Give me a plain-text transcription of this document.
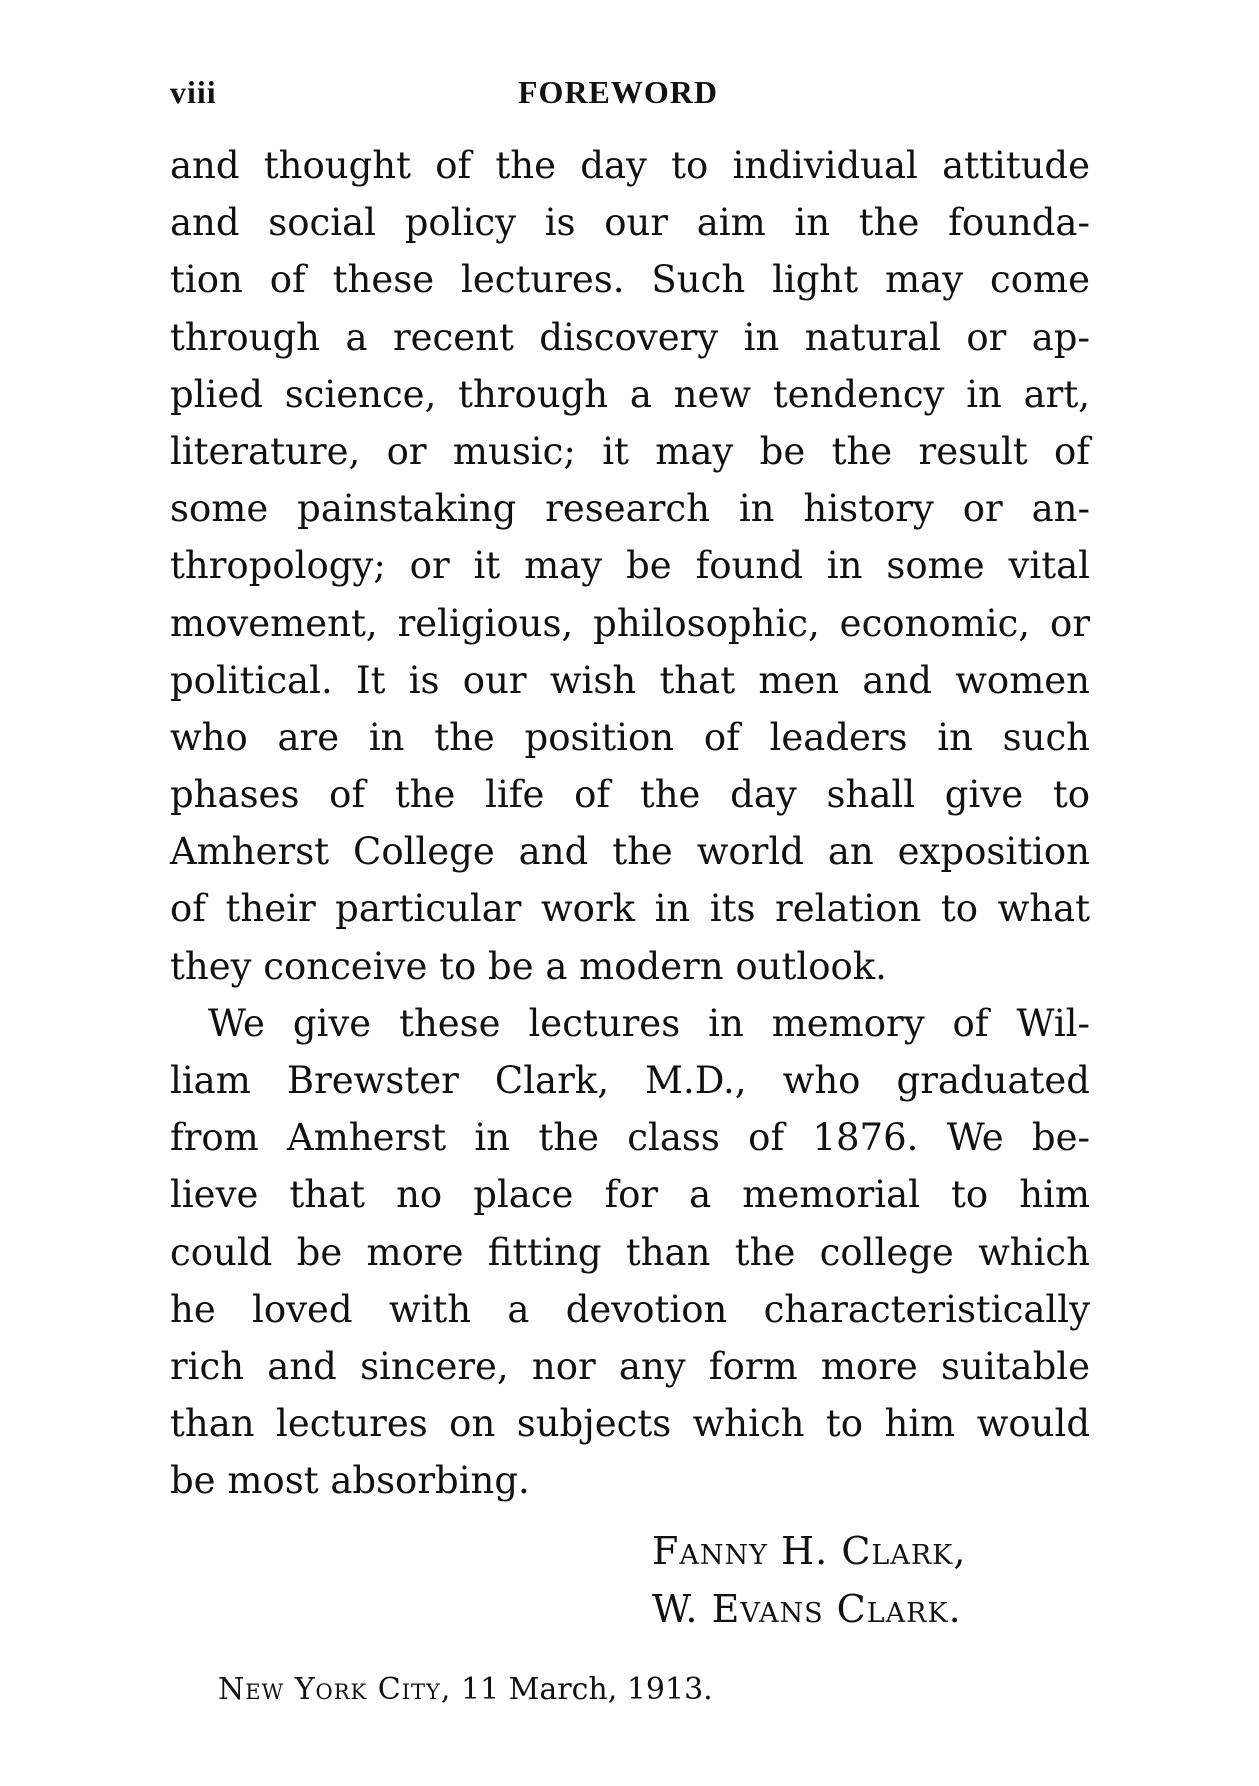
viii	FOREWORD
and thought of the day to individual attitude
and social policy is our aim in the founda-
tion of these lectures. Such light may come
through a recent discovery in natural or ap-
plied science, through a new tendency in art,
literature, or music; it may be the result of
some painstaking research in history or an-
thropology; or it may be found in some vital
movement, religious, philosophic, economic, or
political. It is our wish that men and women
who are in the position of leaders in such
phases of the life of the day shall give to
Amherst College and the world an exposition
of their particular work in its relation to what
they conceive to be a modern outlook.
We give these lectures in memory of Wil-
liam Brewster Clark, M.D., who graduated
from Amherst in the class of 1876. We be-
lieve that no place for a memorial to him
could be more fitting than the college which
he loved with a devotion characteristically
rich and sincere, nor any form more suitable
than lectures on subjects which to him would
be most absorbing.
Fanny H. Clark,
W. Evans Clark.
New York City, 11 March, 1913.
